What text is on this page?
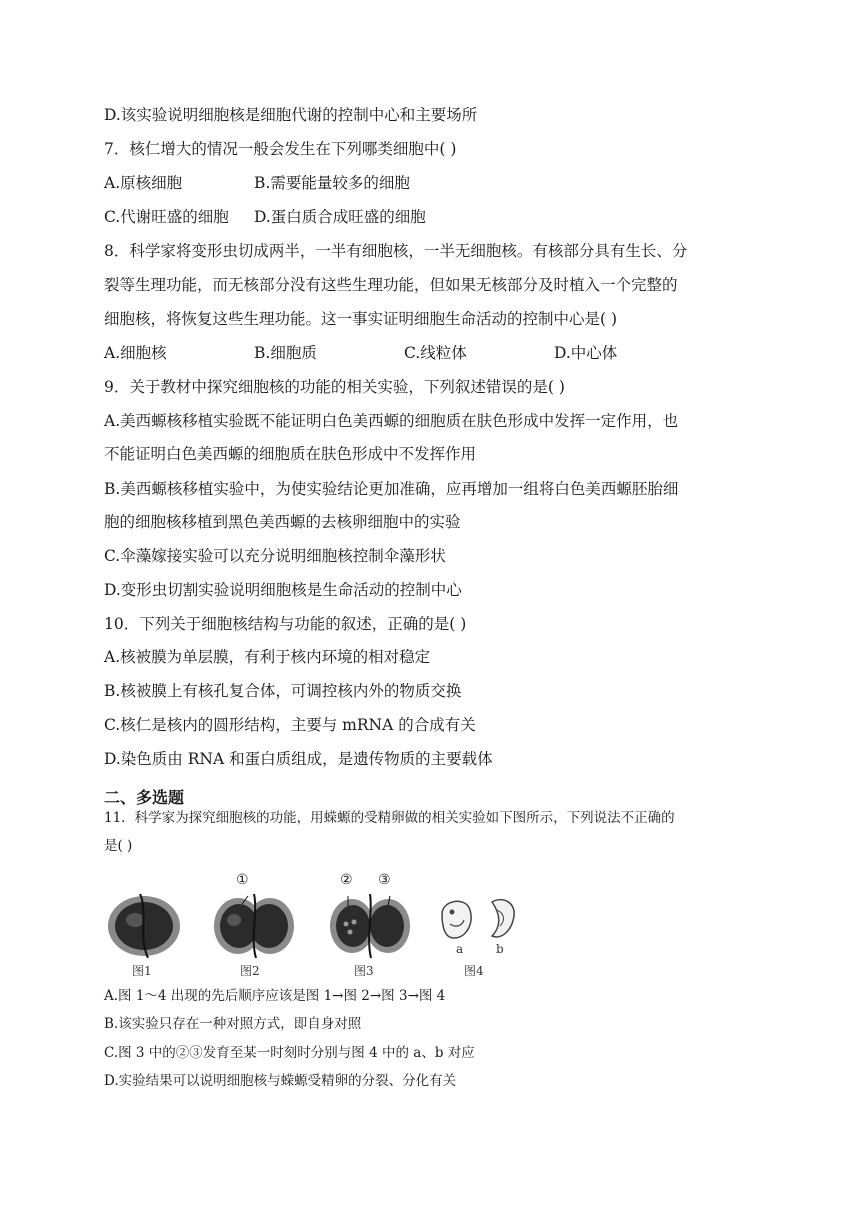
D.该实验说明细胞核是细胞代谢的控制中心和主要场所
7．核仁增大的情况一般会发生在下列哪类细胞中( )
A.原核细胞	B.需要能量较多的细胞
C.代谢旺盛的细胞 D.蛋白质合成旺盛的细胞
8．科学家将变形虫切成两半，一半有细胞核，一半无细胞核。有核部分具有生长、分
裂等生理功能，而无核部分没有这些生理功能，但如果无核部分及时植入一个完整的
细胞核，将恢复这些生理功能。这一事实证明细胞生命活动的控制中心是( )
A.细胞核	B.细胞质	C.线粒体	D.中心体
9．关于教材中探究细胞核的功能的相关实验，下列叙述错误的是( )
A.美西螈核移植实验既不能证明白色美西螈的细胞质在肤色形成中发挥一定作用，也
不能证明白色美西螈的细胞质在肤色形成中不发挥作用
B.美西螈核移植实验中，为使实验结论更加准确，应再增加一组将白色美西螈胚胎细
胞的细胞核移植到黑色美西螈的去核卵细胞中的实验
C.伞藻嫁接实验可以充分说明细胞核控制伞藻形状
D.变形虫切割实验说明细胞核是生命活动的控制中心
10．下列关于细胞核结构与功能的叙述，正确的是( )
A.核被膜为单层膜，有利于核内环境的相对稳定
B.核被膜上有核孔复合体，可调控核内外的物质交换
C.核仁是核内的圆形结构，主要与 mRNA 的合成有关
D.染色质由 RNA 和蛋白质组成，是遗传物质的主要载体
二、多选题
11．科学家为探究细胞核的功能，用蝾螈的受精卵做的相关实验如下图所示，下列说法不正确的
是( )
图1
①
图2
② ③
图3
a	b
图4
A.图 1～4 出现的先后顺序应该是图 1→图 2→图 3→图 4
B.该实验只存在一种对照方式，即自身对照
C.图 3 中的②③发育至某一时刻时分别与图 4 中的 a、b 对应
D.实验结果可以说明细胞核与蝾螈受精卵的分裂、分化有关
